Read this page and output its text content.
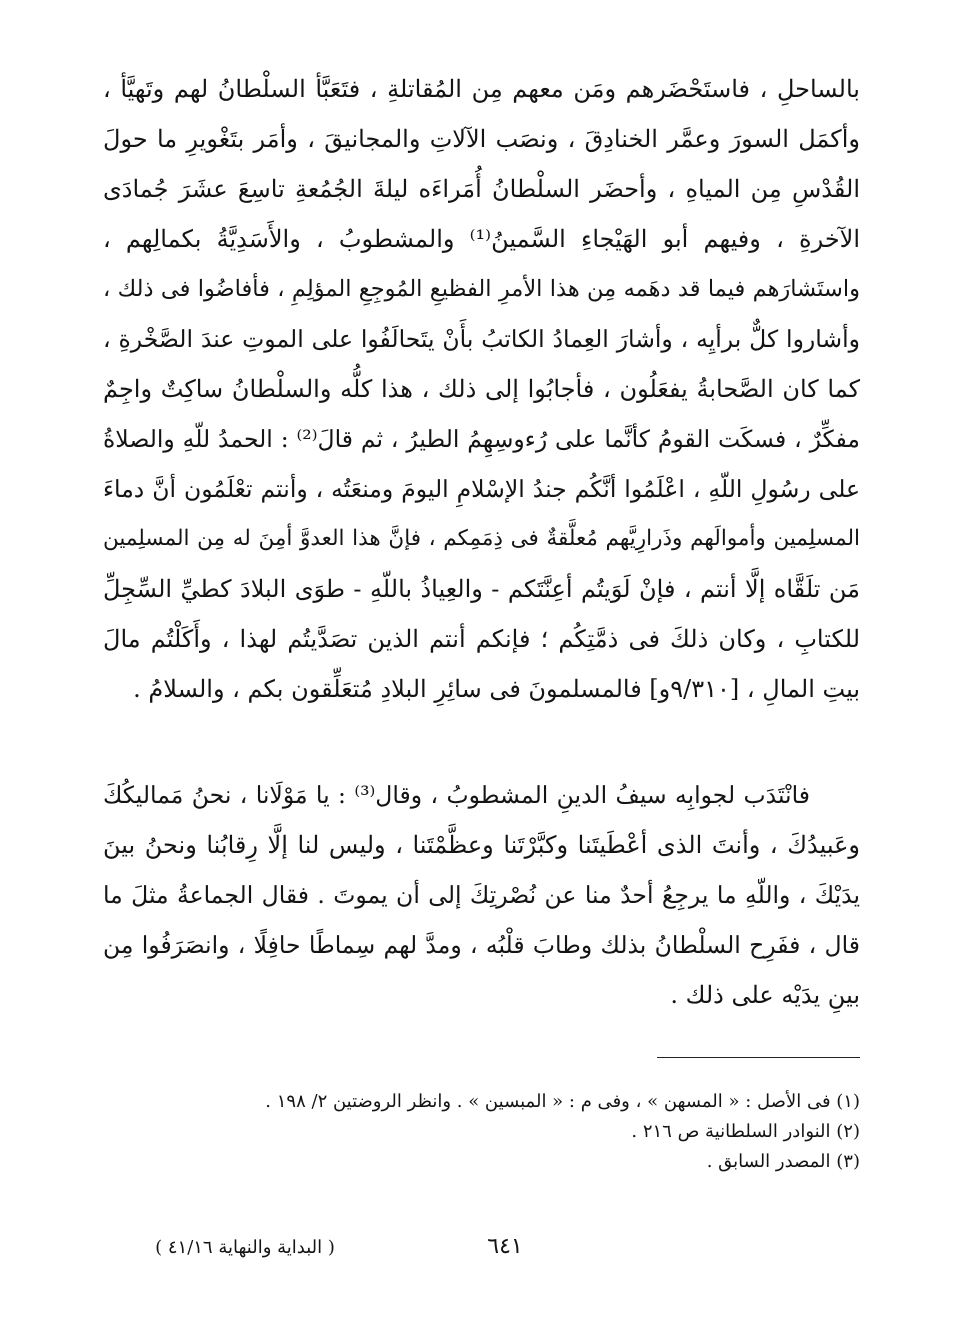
بالساحلِ ، فاستَحْضَرهم ومَن معهم مِن المُقاتلةِ ، فتَعَبَّأ السلْطانُ لهم وتَهيَّأ ،
وأكمَل السورَ وعمَّر الخنادِقَ ، ونصَب الآلاتِ والمجانيقَ ، وأمَر بتَغْويرِ ما حولَ
القُدْسِ مِن المياهِ ، وأحضَر السلْطانُ أُمَراءَه ليلةَ الجُمُعةِ تاسِعَ عشَرَ جُمادَى
الآخرةِ ، وفيهم أبو الهَيْجاءِ السَّمينُ⁽¹⁾ والمشطوبُ ، والأَسَدِيَّةُ بكمالِهم ،
واستَشارَهم فيما قد دهَمه مِن هذا الأمرِ الفظيعِ المُوجِعِ المؤلِمِ ، فأفاضُوا فى ذلك ،
وأشاروا كلٌّ برأيِه ، وأشارَ العِمادُ الكاتبُ بأَنْ يتَحالَفُوا على الموتِ عندَ الصَّخْرةِ ،
كما كان الصَّحابةُ يفعَلُون ، فأجابُوا إلى ذلك ، هذا كلُّه والسلْطانُ ساكِتٌ واجِمٌ
مفكِّرٌ ، فسكَت القومُ كأنَّما على رُءوسِهِمُ الطيرُ ، ثم قالَ⁽²⁾ : الحمدُ للّهِ والصلاةُ
على رسُولِ اللّهِ ، اعْلَمُوا أنَّكُم جندُ الإسْلامِ اليومَ ومنعَتُه ، وأنتم تعْلَمُون أنَّ دماءَ
المسلِمين وأموالَهم وذَرارِيَّهم مُعلَّقةٌ فى ذِمَمِكم ، فإنَّ هذا العدوَّ أمِنَ له مِن المسلِمين
مَن تلَقَّاه إلَّا أنتم ، فإنْ لَوَيتُم أعِنَّتَكم - والعِياذُ باللّهِ - طوَى البلادَ كطيِّ السِّجِلِّ
للكتابِ ، وكان ذلكَ فى ذمَّتِكُم ؛ فإنكم أنتم الذين تصَدَّيتُم لهذا ، وأَكَلْتُم مالَ
بيتِ المالِ ، [٩/٣١٠و] فالمسلمونَ فى سائِرِ البلادِ مُتعَلِّقون بكم ، والسلامُ .
فانْتَدَب لجوابِه سيفُ الدينِ المشطوبُ ، وقال⁽³⁾ : يا مَوْلَانا ، نحنُ مَماليكُكَ
وعَبيدُكَ ، وأنتَ الذى أعْطَيتَنا وكبَّرْتَنا وعظَّمْتَنا ، وليس لنا إلَّا رِقابُنا ونحنُ بينَ
يدَيْكَ ، واللّهِ ما يرجِعُ أحدٌ منا عن نُصْرتِكَ إلى أن يموتَ . فقال الجماعةُ مثلَ ما
قال ، ففَرِح السلْطانُ بذلك وطابَ قلْبُه ، ومدَّ لهم سِماطًا حافِلًا ، وانصَرَفُوا مِن
بينِ يدَيْه على ذلك .
(١) فى الأصل : « المسهن » ، وفى م : « المبسين » . وانظر الروضتين ٢/ ١٩٨ .
(٢) النوادر السلطانية ص ٢١٦ .
(٣) المصدر السابق .
٦٤١
( البداية والنهاية ٤١/١٦ )
